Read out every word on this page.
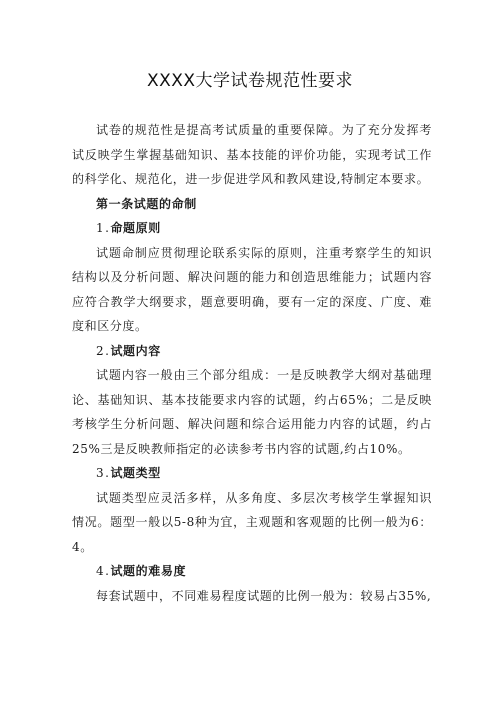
XXXX大学试卷规范性要求

试卷的规范性是提高考试质量的重要保障。为了充分发挥考试反映学生掌握基础知识、基本技能的评价功能，实现考试工作的科学化、规范化，进一步促进学风和教风建设,特制定本要求。

第一条试题的命制

1.命题原则

试题命制应贯彻理论联系实际的原则，注重考察学生的知识结构以及分析问题、解决问题的能力和创造思维能力；试题内容应符合教学大纲要求，题意要明确，要有一定的深度、广度、难度和区分度。

2.试题内容

试题内容一般由三个部分组成：一是反映教学大纲对基础理论、基础知识、基本技能要求内容的试题，约占65%；二是反映考核学生分析问题、解决问题和综合运用能力内容的试题，约占25%三是反映教师指定的必读参考书内容的试题,约占10%。

3.试题类型

试题类型应灵活多样，从多角度、多层次考核学生掌握知识情况。题型一般以5-8种为宜，主观题和客观题的比例一般为6：4。

4.试题的难易度

每套试题中，不同难易程度试题的比例一般为：较易占35%,
